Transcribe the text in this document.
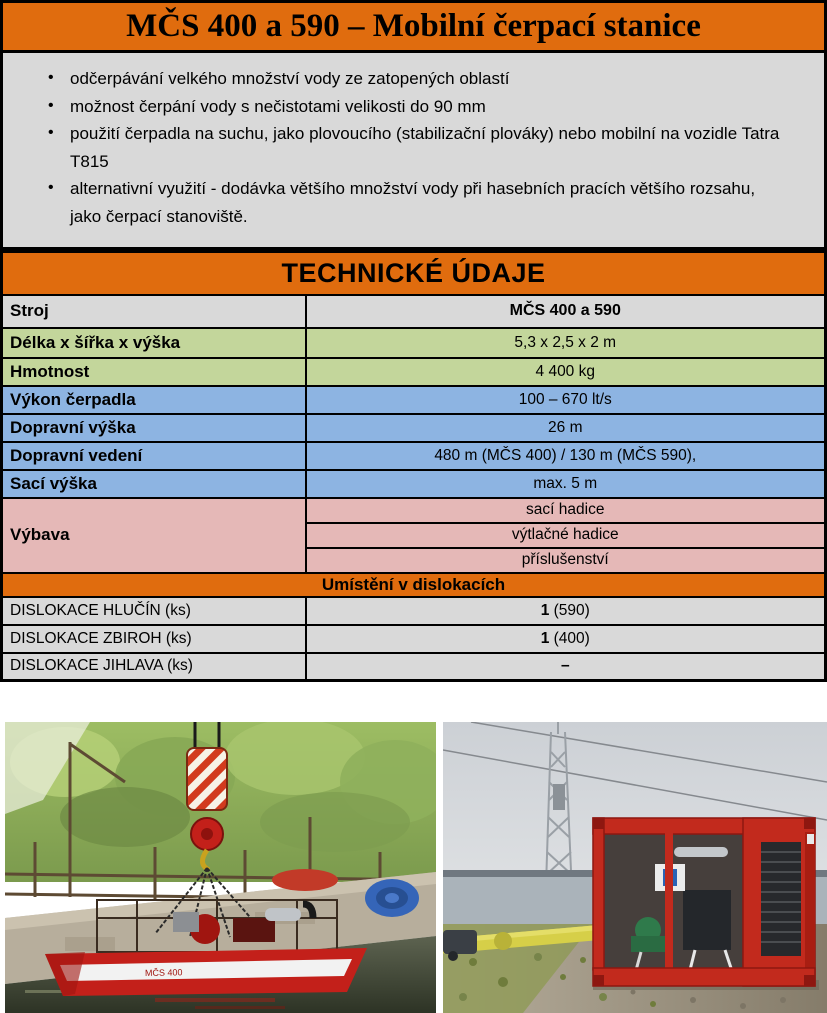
MČS 400 a 590 – Mobilní čerpací stanice
• odčerpávání velkého množství vody ze zatopených oblastí
• možnost čerpání vody s nečistotami velikosti do 90 mm
• použití čerpadla na suchu, jako plovoucího (stabilizační plováky) nebo mobilní na vozidle Tatra T815
• alternativní využití - dodávka většího množství vody při hasebních pracích většího rozsahu, jako čerpací stanoviště.
TECHNICKÉ ÚDAJE	
Stroj	MČS 400 a 590
Délka x šířka x výška	5,3 x 2,5 x 2 m
Hmotnost	4 400 kg
Výkon čerpadla	100 – 670 lt/s
Dopravní výška	26 m
Dopravní vedení	480 m (MČS 400) / 130 m (MČS 590),
Sací výška	max. 5 m
Výbava	sací hadice
	výtlačné hadice
	příslušenství
Umístění v dislokacích	
DISLOKACE HLUČÍN (ks)	1 (590)
DISLOKACE ZBIROH (ks)	1 (400)
DISLOKACE JIHLAVA (ks)	–
MČS 400
